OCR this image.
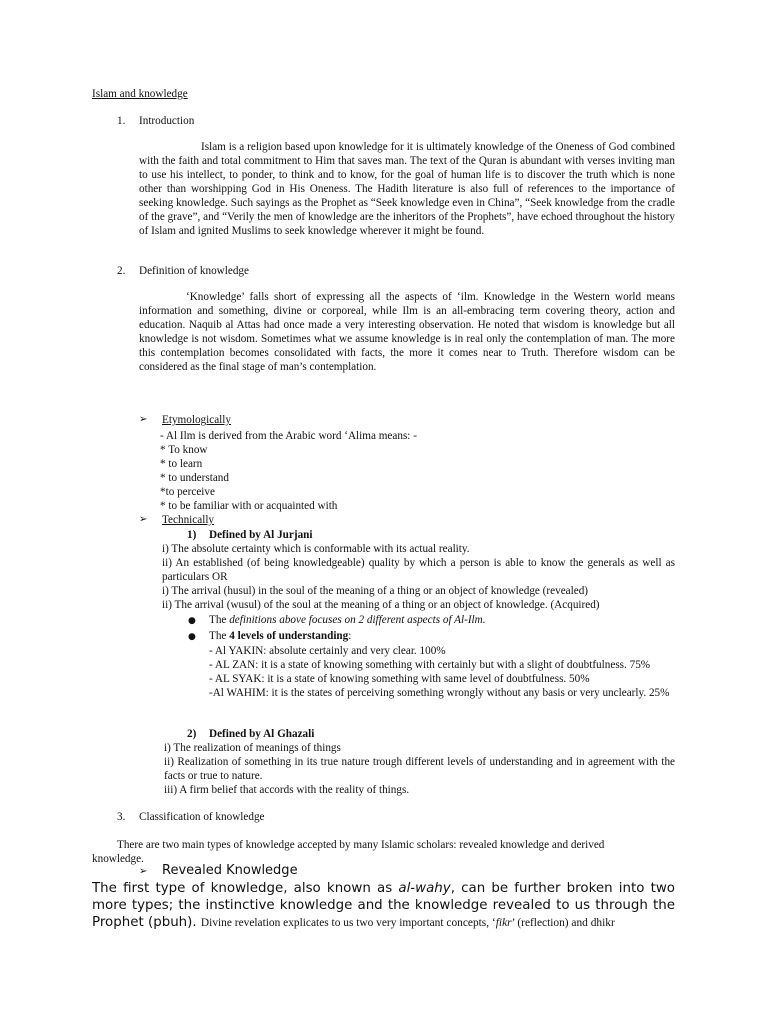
Islam and knowledge
1. Introduction

Islam is a religion based upon knowledge for it is ultimately knowledge of the Oneness of God combined with the faith and total commitment to Him that saves man. The text of the Quran is abundant with verses inviting man to use his intellect, to ponder, to think and to know, for the goal of human life is to discover the truth which is none other than worshipping God in His Oneness. The Hadith literature is also full of references to the importance of seeking knowledge. Such sayings as the Prophet as “Seek knowledge even in China”, “Seek knowledge from the cradle of the grave”, and “Verily the men of knowledge are the inheritors of the Prophets”, have echoed throughout the history of Islam and ignited Muslims to seek knowledge wherever it might be found.

2. Definition of knowledge

‘Knowledge’ falls short of expressing all the aspects of ‘ilm. Knowledge in the Western world means information and something, divine or corporeal, while Ilm is an all-embracing term covering theory, action and education. Naquib al Attas had once made a very interesting observation. He noted that wisdom is knowledge but all knowledge is not wisdom. Sometimes what we assume knowledge is in real only the contemplation of man. The more this contemplation becomes consolidated with facts, the more it comes near to Truth. Therefore wisdom can be considered as the final stage of man’s contemplation.

➢ Etymologically
- Al Ilm is derived from the Arabic word ‘Alima means: -
* To know
* to learn
* to understand
*to perceive
* to be familiar with or acquainted with
➢ Technically
1) Defined by Al Jurjani
i) The absolute certainty which is conformable with its actual reality.
ii) An established (of being knowledgeable) quality by which a person is able to know the generals as well as particulars OR
i) The arrival (husul) in the soul of the meaning of a thing or an object of knowledge (revealed)
ii) The arrival (wusul) of the soul at the meaning of a thing or an object of knowledge. (Acquired)
● The definitions above focuses on 2 different aspects of Al-Ilm.
● The 4 levels of understanding:
- Al YAKIN: absolute certainly and very clear. 100%
- AL ZAN: it is a state of knowing something with certainly but with a slight of doubtfulness. 75%
- AL SYAK: it is a state of knowing something with same level of doubtfulness. 50%
-Al WAHIM: it is the states of perceiving something wrongly without any basis or very unclearly. 25%
2) Defined by Al Ghazali
i) The realization of meanings of things
ii) Realization of something in its true nature trough different levels of understanding and in agreement with the facts or true to nature.
iii) A firm belief that accords with the reality of things.
3. Classification of knowledge

There are two main types of knowledge accepted by many Islamic scholars: revealed knowledge and derived knowledge.

➢ Revealed Knowledge

The first type of knowledge, also known as al-wahy, can be further broken into two more types; the instinctive knowledge and the knowledge revealed to us through the Prophet (pbuh). Divine revelation explicates to us two very important concepts, ‘fikr’ (reflection) and dhikr
